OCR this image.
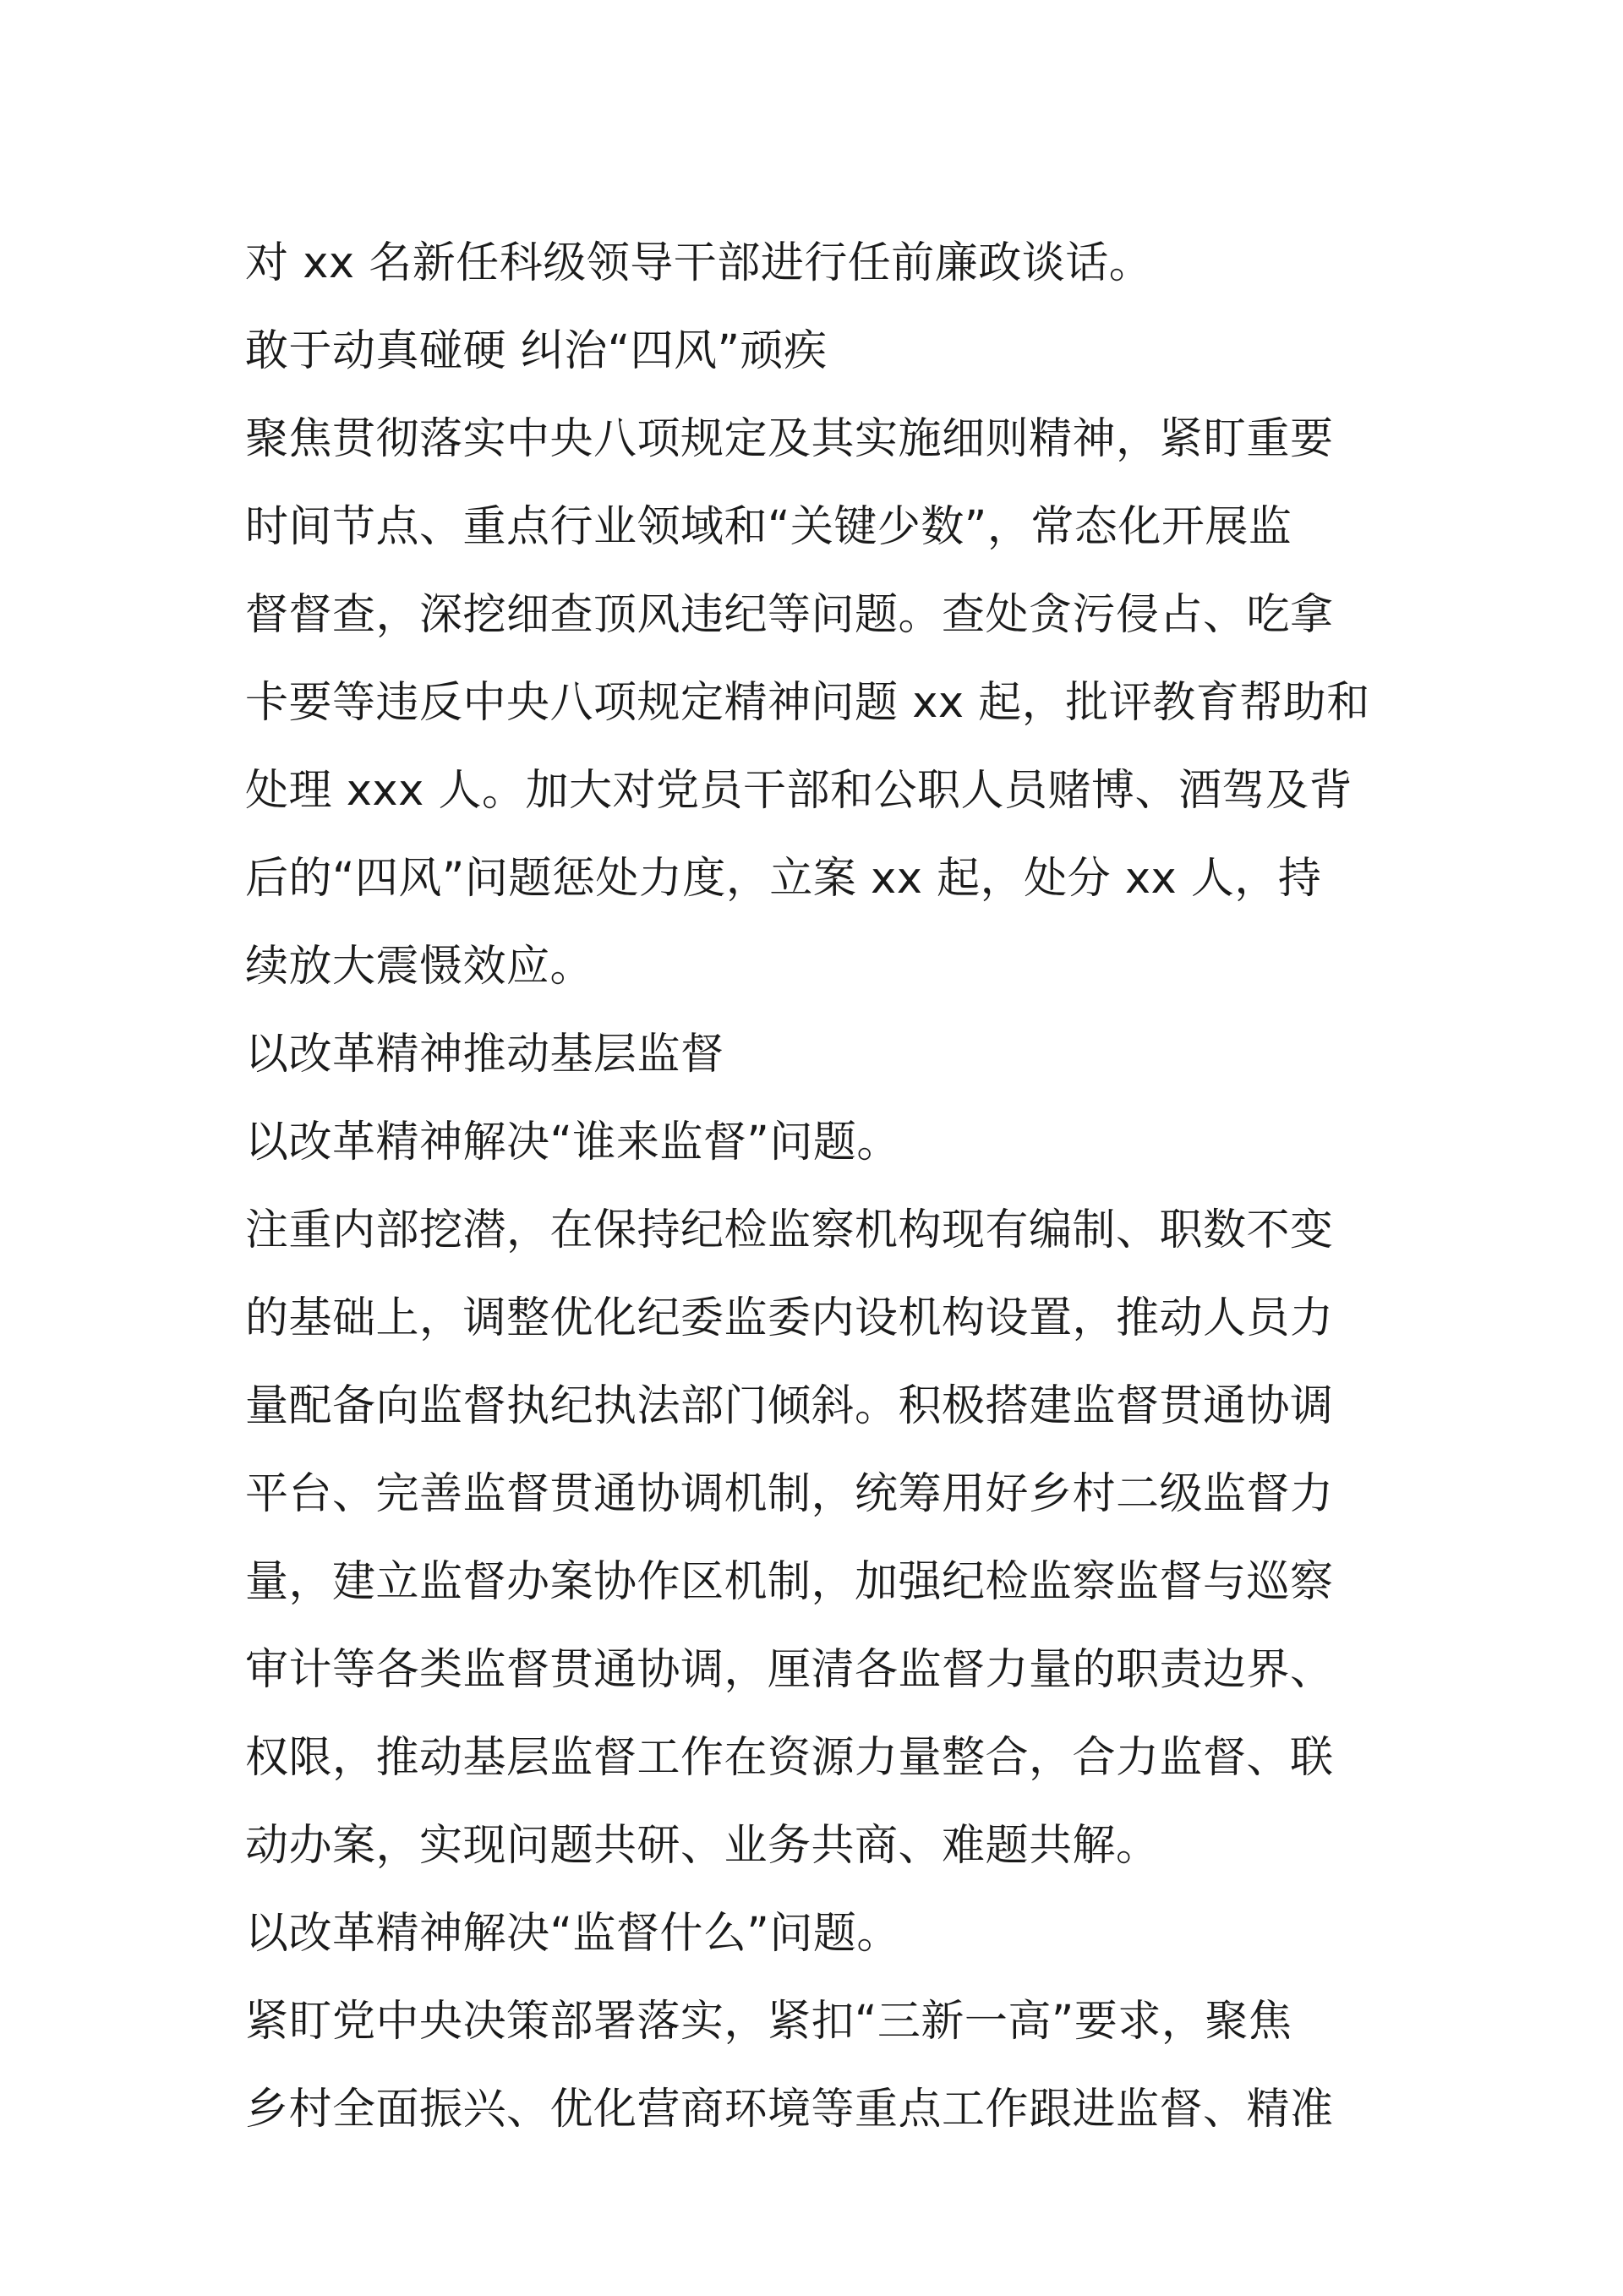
对 xx 名新任科级领导干部进行任前廉政谈话。
敢于动真碰硬 纠治“四风”顽疾
聚焦贯彻落实中央八项规定及其实施细则精神，紧盯重要
时间节点、重点行业领域和“关键少数”，常态化开展监
督督查，深挖细查顶风违纪等问题。查处贪污侵占、吃拿
卡要等违反中央八项规定精神问题 xx 起，批评教育帮助和
处理 xxx 人。加大对党员干部和公职人员赌博、酒驾及背
后的“四风”问题惩处力度，立案 xx 起，处分 xx 人，持
续放大震慑效应。
以改革精神推动基层监督
以改革精神解决“谁来监督”问题。
注重内部挖潜，在保持纪检监察机构现有编制、职数不变
的基础上，调整优化纪委监委内设机构设置，推动人员力
量配备向监督执纪执法部门倾斜。积极搭建监督贯通协调
平台、完善监督贯通协调机制，统筹用好乡村二级监督力
量，建立监督办案协作区机制，加强纪检监察监督与巡察
审计等各类监督贯通协调，厘清各监督力量的职责边界、
权限，推动基层监督工作在资源力量整合，合力监督、联
动办案，实现问题共研、业务共商、难题共解。
以改革精神解决“监督什么”问题。
紧盯党中央决策部署落实，紧扣“三新一高”要求，聚焦
乡村全面振兴、优化营商环境等重点工作跟进监督、精准
